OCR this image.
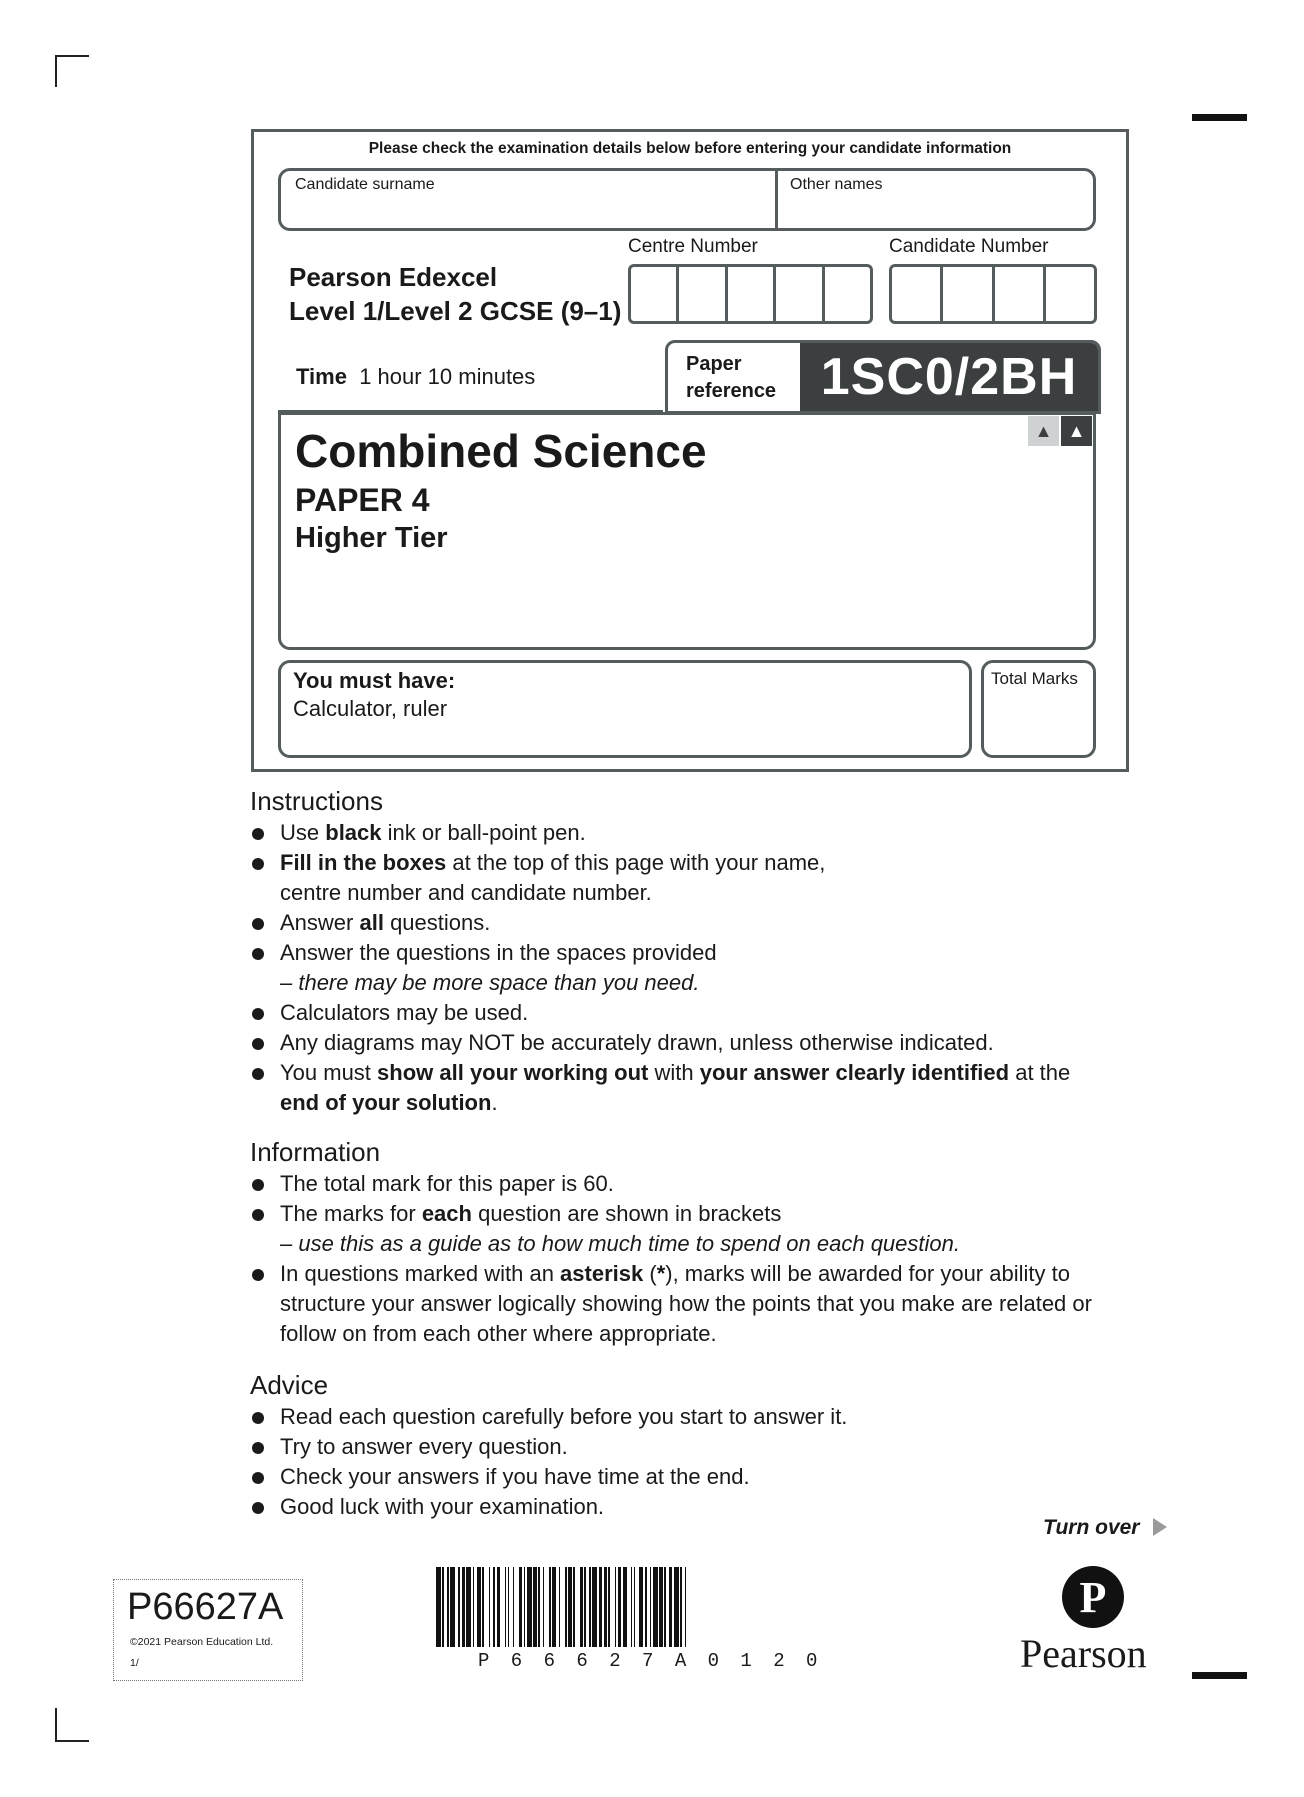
Please check the examination details below before entering your candidate information
Candidate surname	Other names
Centre Number	Candidate Number
Pearson Edexcel
Level 1/Level 2 GCSE (9–1)
Time 1 hour 10 minutes	Paper
reference 1SC0/2BH
▲ ▲
Combined Science
PAPER 4
Higher Tier
You must have:
Calculator, ruler
Total Marks
Instructions
Use black ink or ball-point pen.
Fill in the boxes at the top of this page with your name,
centre number and candidate number.
Answer all questions.
Answer the questions in the spaces provided
– there may be more space than you need.
Calculators may be used.
Any diagrams may NOT be accurately drawn, unless otherwise indicated.
You must show all your working out with your answer clearly identified at the
end of your solution.
Information
The total mark for this paper is 60.
The marks for each question are shown in brackets
– use this as a guide as to how much time to spend on each question.
In questions marked with an asterisk (*), marks will be awarded for your ability to
structure your answer logically showing how the points that you make are related or
follow on from each other where appropriate.
Advice
Read each question carefully before you start to answer it.
Try to answer every question.
Check your answers if you have time at the end.
Good luck with your examination.
Turn over
P66627A
©2021 Pearson Education Ltd.
1/	P 6 6 6 2 7 A 0 1 2 0
P
Pearson
